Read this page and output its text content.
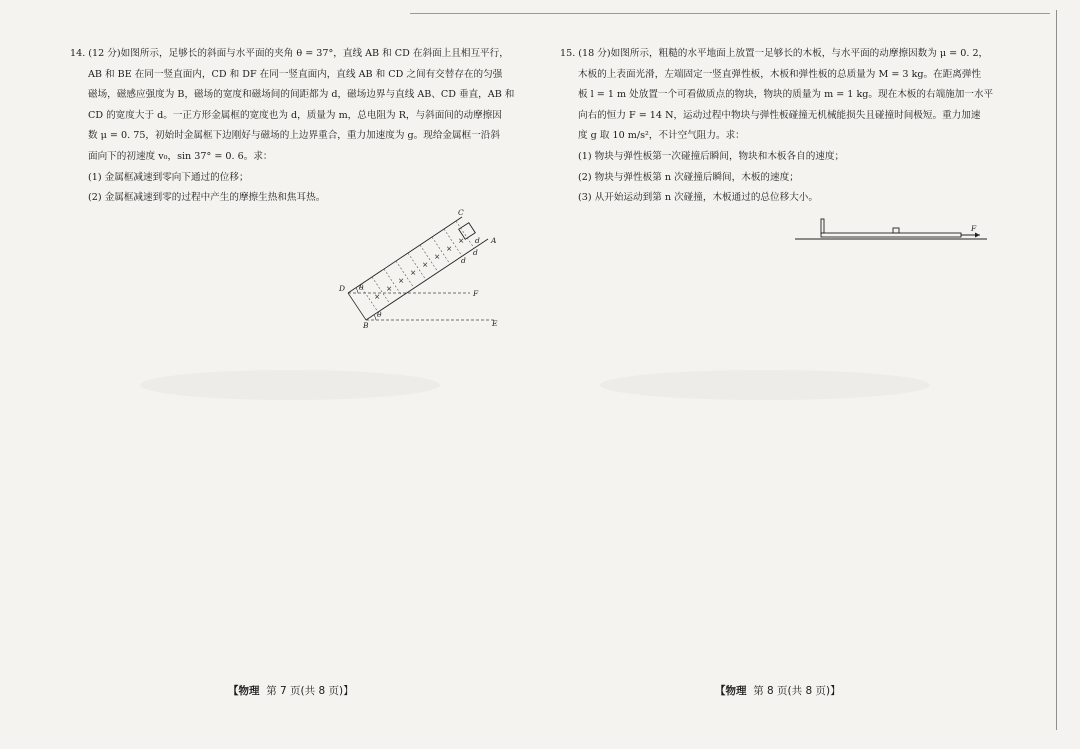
14. (12 分)如图所示，足够长的斜面与水平面的夹角 θ = 37°，直线 AB 和 CD 在斜面上且相互平行，
AB 和 BE 在同一竖直面内，CD 和 DF 在同一竖直面内，直线 AB 和 CD 之间有交替存在的匀强
磁场，磁感应强度为 B，磁场的宽度和磁场间的间距都为 d，磁场边界与直线 AB、CD 垂直，AB 和
CD 的宽度大于 d。一正方形金属框的宽度也为 d，质量为 m，总电阻为 R，与斜面间的动摩擦因
数 μ = 0. 75，初始时金属框下边刚好与磁场的上边界重合，重力加速度为 g。现给金属框一沿斜
面向下的初速度 v₀，sin 37° = 0. 6。求：

(1) 金属框减速到零向下通过的位移；

(2) 金属框减速到零的过程中产生的摩擦生热和焦耳热。

×
×
×
×
×
×
×
×
C
A
D
B	E
F
θ
θ
d
d
d
15. (18 分)如图所示，粗糙的水平地面上放置一足够长的木板，与水平面的动摩擦因数为 μ = 0. 2，
木板的上表面光滑，左端固定一竖直弹性板，木板和弹性板的总质量为 M = 3 kg。在距离弹性
板 l = 1 m 处放置一个可看做质点的物块，物块的质量为 m = 1 kg。现在木板的右端施加一水平
向右的恒力 F = 14 N，运动过程中物块与弹性板碰撞无机械能损失且碰撞时间极短。重力加速
度 g 取 10 m/s²，不计空气阻力。求：

(1) 物块与弹性板第一次碰撞后瞬间，物块和木板各自的速度；

(2) 物块与弹性板第 n 次碰撞后瞬间，木板的速度；

(3) 从开始运动到第 n 次碰撞，木板通过的总位移大小。

F
【物理 第 7 页(共 8 页)】	【物理 第 8 页(共 8 页)】
